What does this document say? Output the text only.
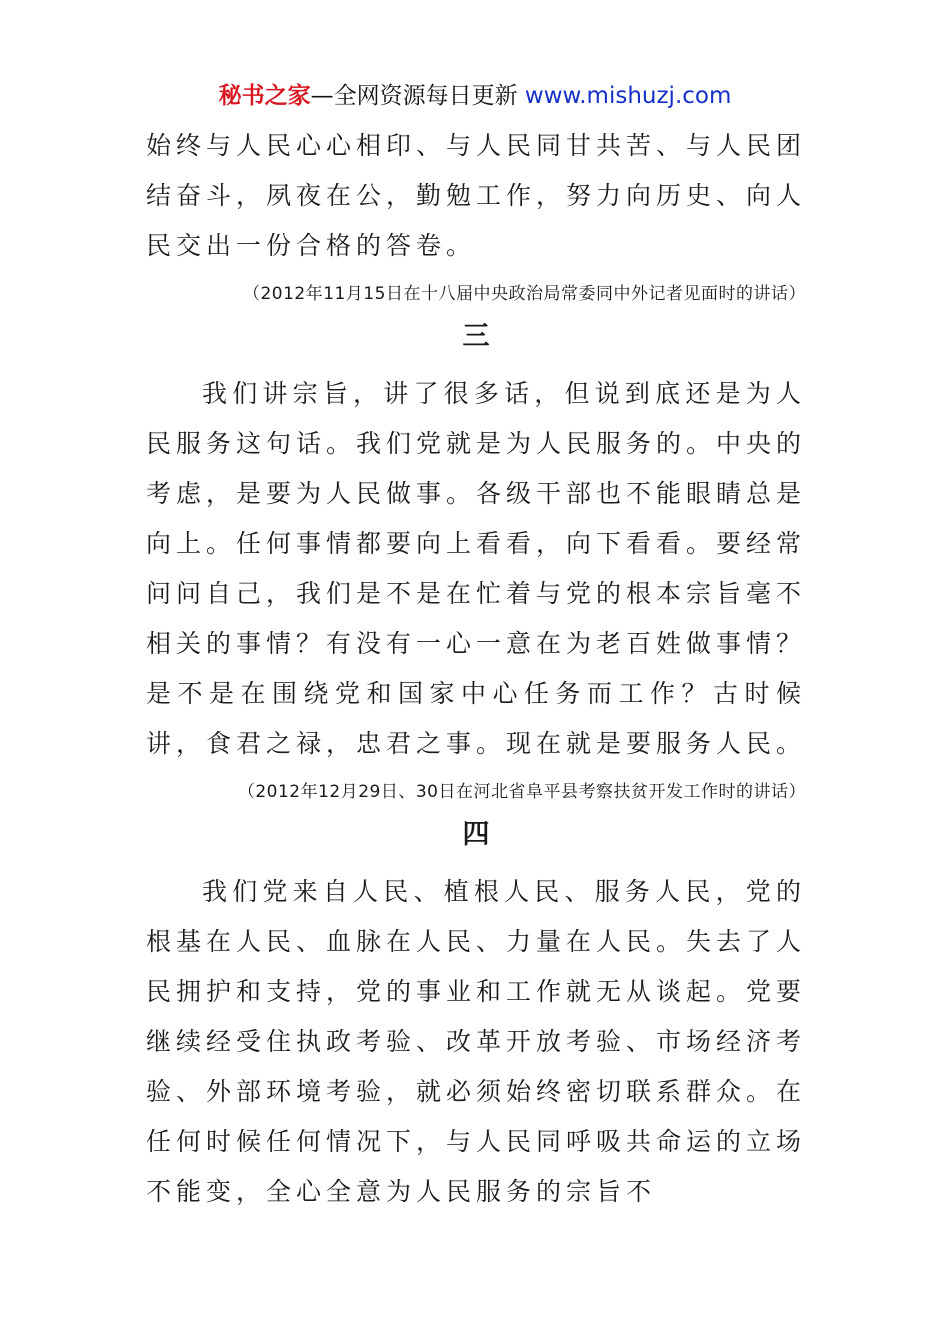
秘书之家—全网资源每日更新 www.mishuzj.com

始终与人民心心相印、与人民同甘共苦、与人民团结奋斗，夙夜在公，勤勉工作，努力向历史、向人民交出一份合格的答卷。

（2012年11月15日在十八届中央政治局常委同中外记者见面时的讲话）

三

我们讲宗旨，讲了很多话，但说到底还是为人民服务这句话。我们党就是为人民服务的。中央的考虑，是要为人民做事。各级干部也不能眼睛总是向上。任何事情都要向上看看，向下看看。要经常问问自己，我们是不是在忙着与党的根本宗旨毫不相关的事情？有没有一心一意在为老百姓做事情？是不是在围绕党和国家中心任务而工作？古时候讲，食君之禄，忠君之事。现在就是要服务人民。

（2012年12月29日、30日在河北省阜平县考察扶贫开发工作时的讲话）

四

我们党来自人民、植根人民、服务人民，党的根基在人民、血脉在人民、力量在人民。失去了人民拥护和支持，党的事业和工作就无从谈起。党要继续经受住执政考验、改革开放考验、市场经济考验、外部环境考验，就必须始终密切联系群众。在任何时候任何情况下，与人民同呼吸共命运的立场不能变，全心全意为人民服务的宗旨不
